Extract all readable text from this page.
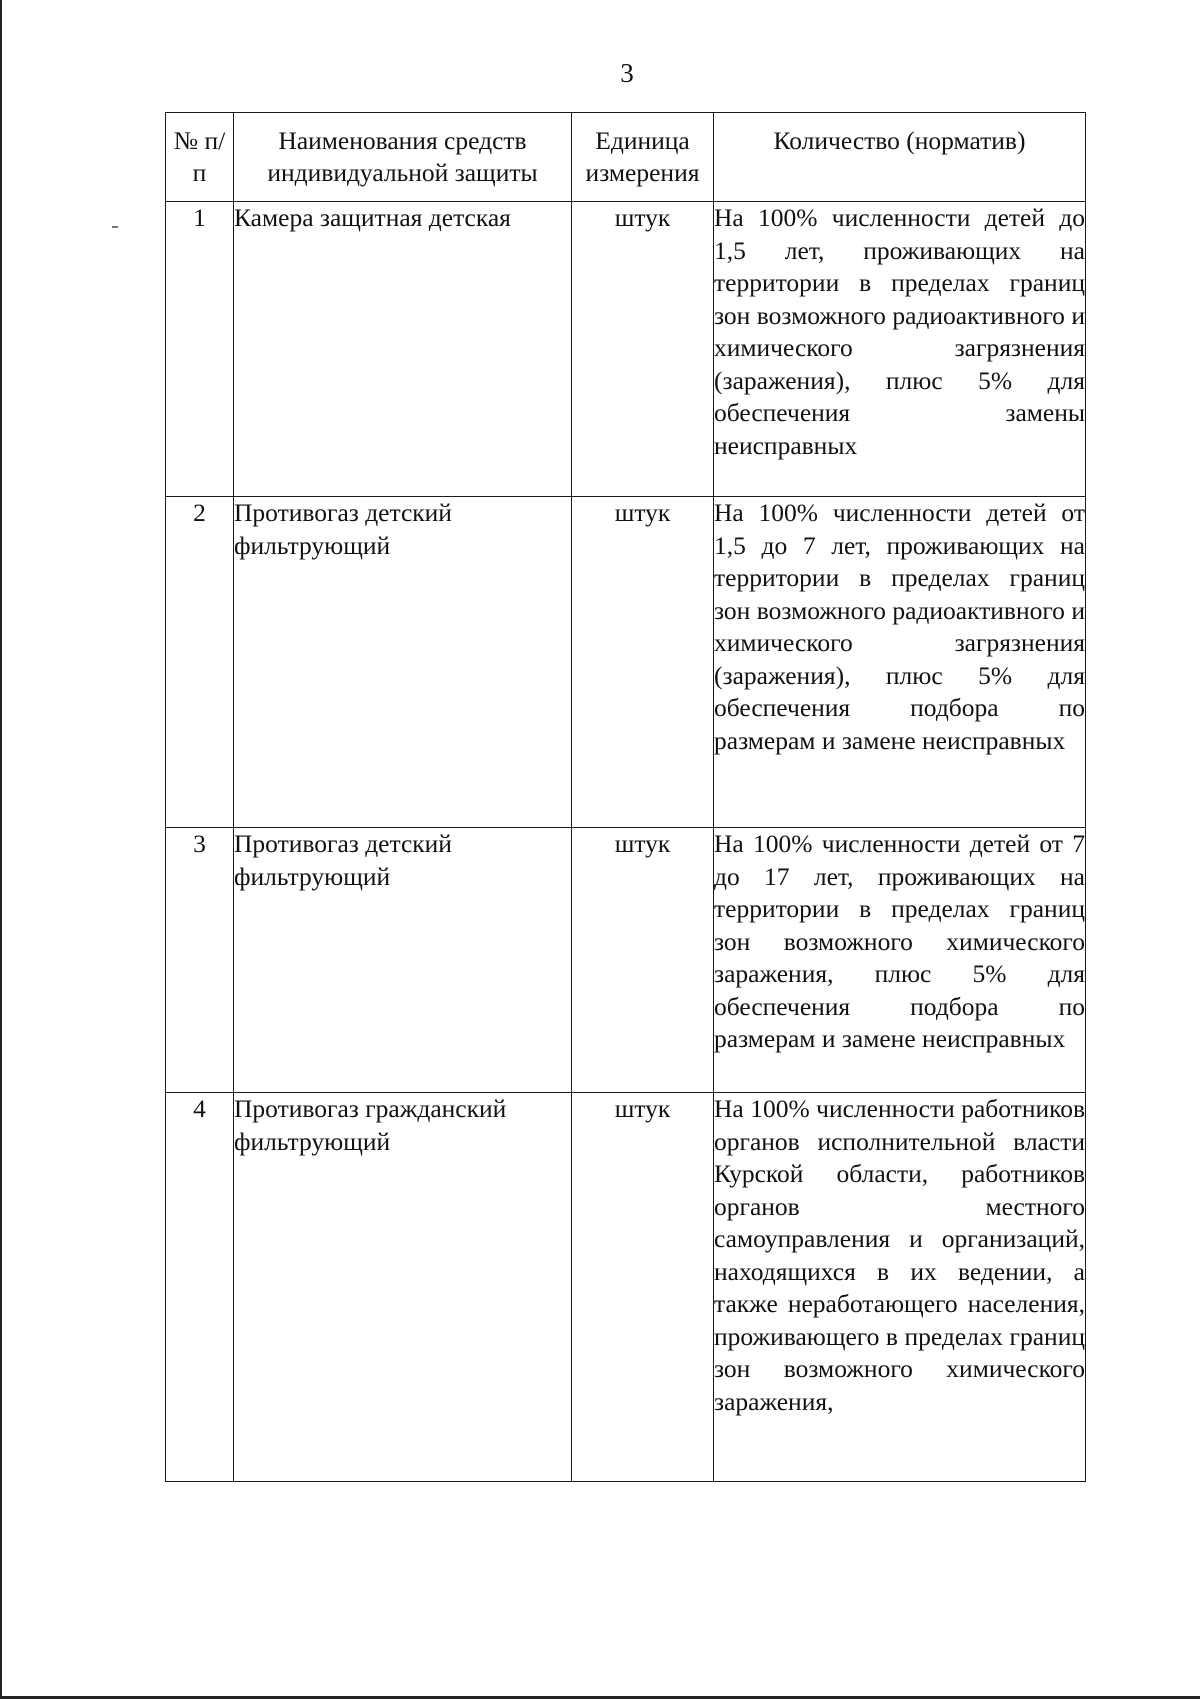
3
№ п/п	Наименования средств индивидуальной защиты	Единица измерения	Количество (норматив)

1	Камера защитная детская	штук	На 100% численности детей до 1,5 лет, проживающих на территории в пределах границ зон возможного радиоактивного и химического загрязнения (заражения), плюс 5% для обеспечения замены неисправных
2	Противогаз детский фильтрующий	штук	На 100% численности детей от 1,5 до 7 лет, проживающих на территории в пределах границ зон возможного радиоактивного и химического загрязнения (заражения), плюс 5% для обеспечения подбора по размерам и замене неисправных
3	Противогаз детский фильтрующий	штук	На 100% численности детей от 7 до 17 лет, проживающих на территории в пределах границ зон возможного химического заражения, плюс 5% для обеспечения подбора по размерам и замене неисправных
4	Противогаз гражданский фильтрующий	штук	На 100% численности работников органов исполнительной власти Курской области, работников органов местного самоуправления и организаций, находящихся в их ведении, а также неработающего населения, проживающего в пределах границ зон возможного химического заражения,
